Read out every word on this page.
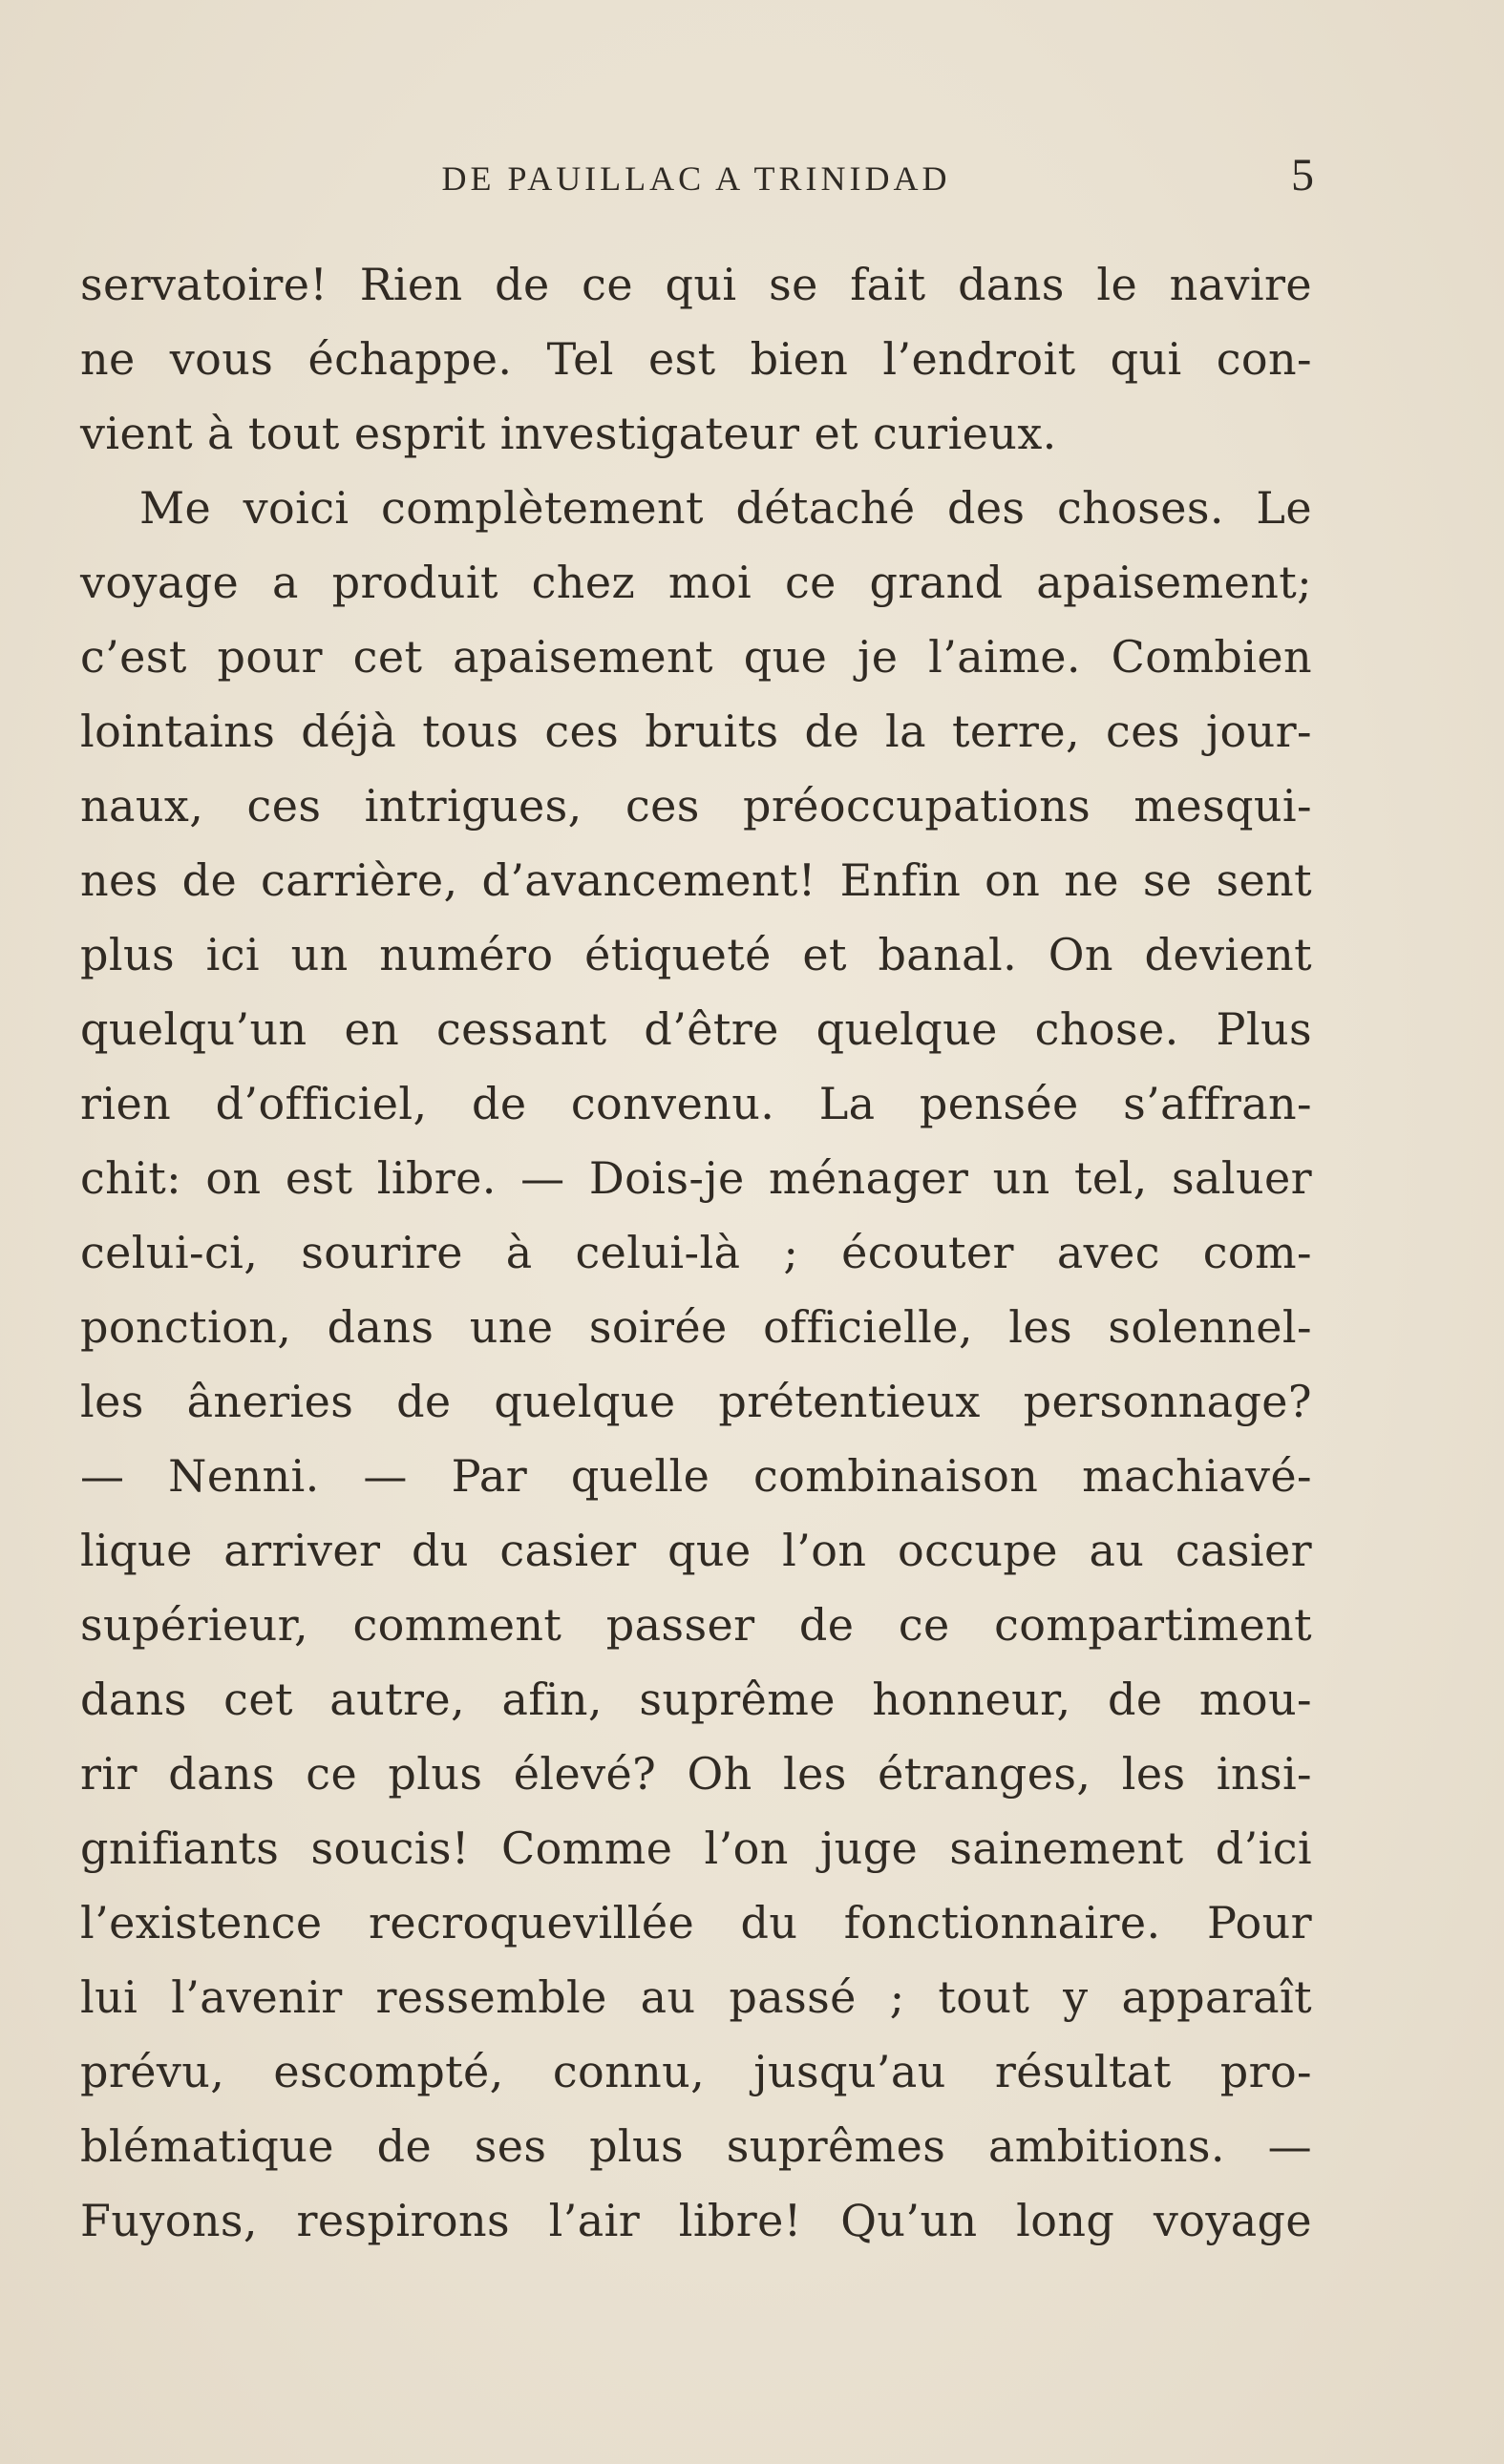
DE PAUILLAC A TRINIDAD	5
servatoire! Rien de ce qui se fait dans le navire
ne vous échappe. Tel est bien l’endroit qui con-
vient à tout esprit investigateur et curieux.
Me voici complètement détaché des choses. Le
voyage a produit chez moi ce grand apaisement;
c’est pour cet apaisement que je l’aime. Combien
lointains déjà tous ces bruits de la terre, ces jour-
naux, ces intrigues, ces préoccupations mesqui-
nes de carrière, d’avancement! Enfin on ne se sent
plus ici un numéro étiqueté et banal. On devient
quelqu’un en cessant d’être quelque chose. Plus
rien d’officiel, de convenu. La pensée s’affran-
chit: on est libre. — Dois-je ménager un tel, saluer
celui-ci, sourire à celui-là ; écouter avec com-
ponction, dans une soirée officielle, les solennel-
les âneries de quelque prétentieux personnage?
— Nenni. — Par quelle combinaison machiavé-
lique arriver du casier que l’on occupe au casier
supérieur, comment passer de ce compartiment
dans cet autre, afin, suprême honneur, de mou-
rir dans ce plus élevé? Oh les étranges, les insi-
gnifiants soucis! Comme l’on juge sainement d’ici
l’existence recroquevillée du fonctionnaire. Pour
lui l’avenir ressemble au passé ; tout y apparaît
prévu, escompté, connu, jusqu’au résultat pro-
blématique de ses plus suprêmes ambitions. —
Fuyons, respirons l’air libre! Qu’un long voyage
